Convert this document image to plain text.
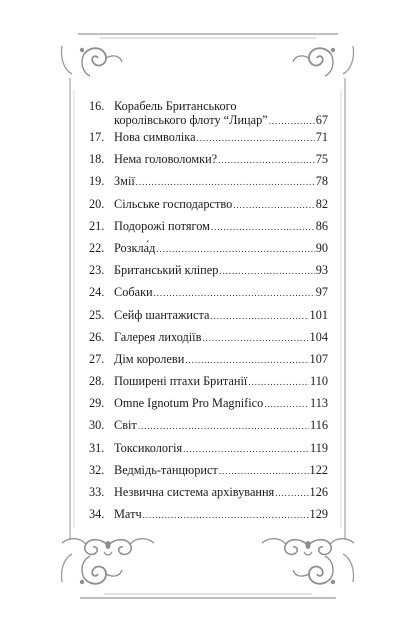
16. Корабель Британського
королівського флоту “Лицар” .....	67
17. Нова символіка .....	71
18. Нема головоломки? .....	75
19. Змії .....	78
20. Сільське господарство .....	82
21. Подорожі потягом .....	86
22. Розкла́д .....	90
23. Британський кліпер .....	93
24. Собаки .....	97
25. Сейф шантажиста .....	101
26. Галерея лиходіїв .....	104
27. Дім королеви .....	107
28. Поширені птахи Британії .....	110
29. Omne Ignotum Pro Magnifico .....	113
30. Світ .....	116
31. Токсикологія .....	119
32. Ведмідь-танцюрист .....	122
33. Незвична система архівування .....	126
34. Матч .....	129
